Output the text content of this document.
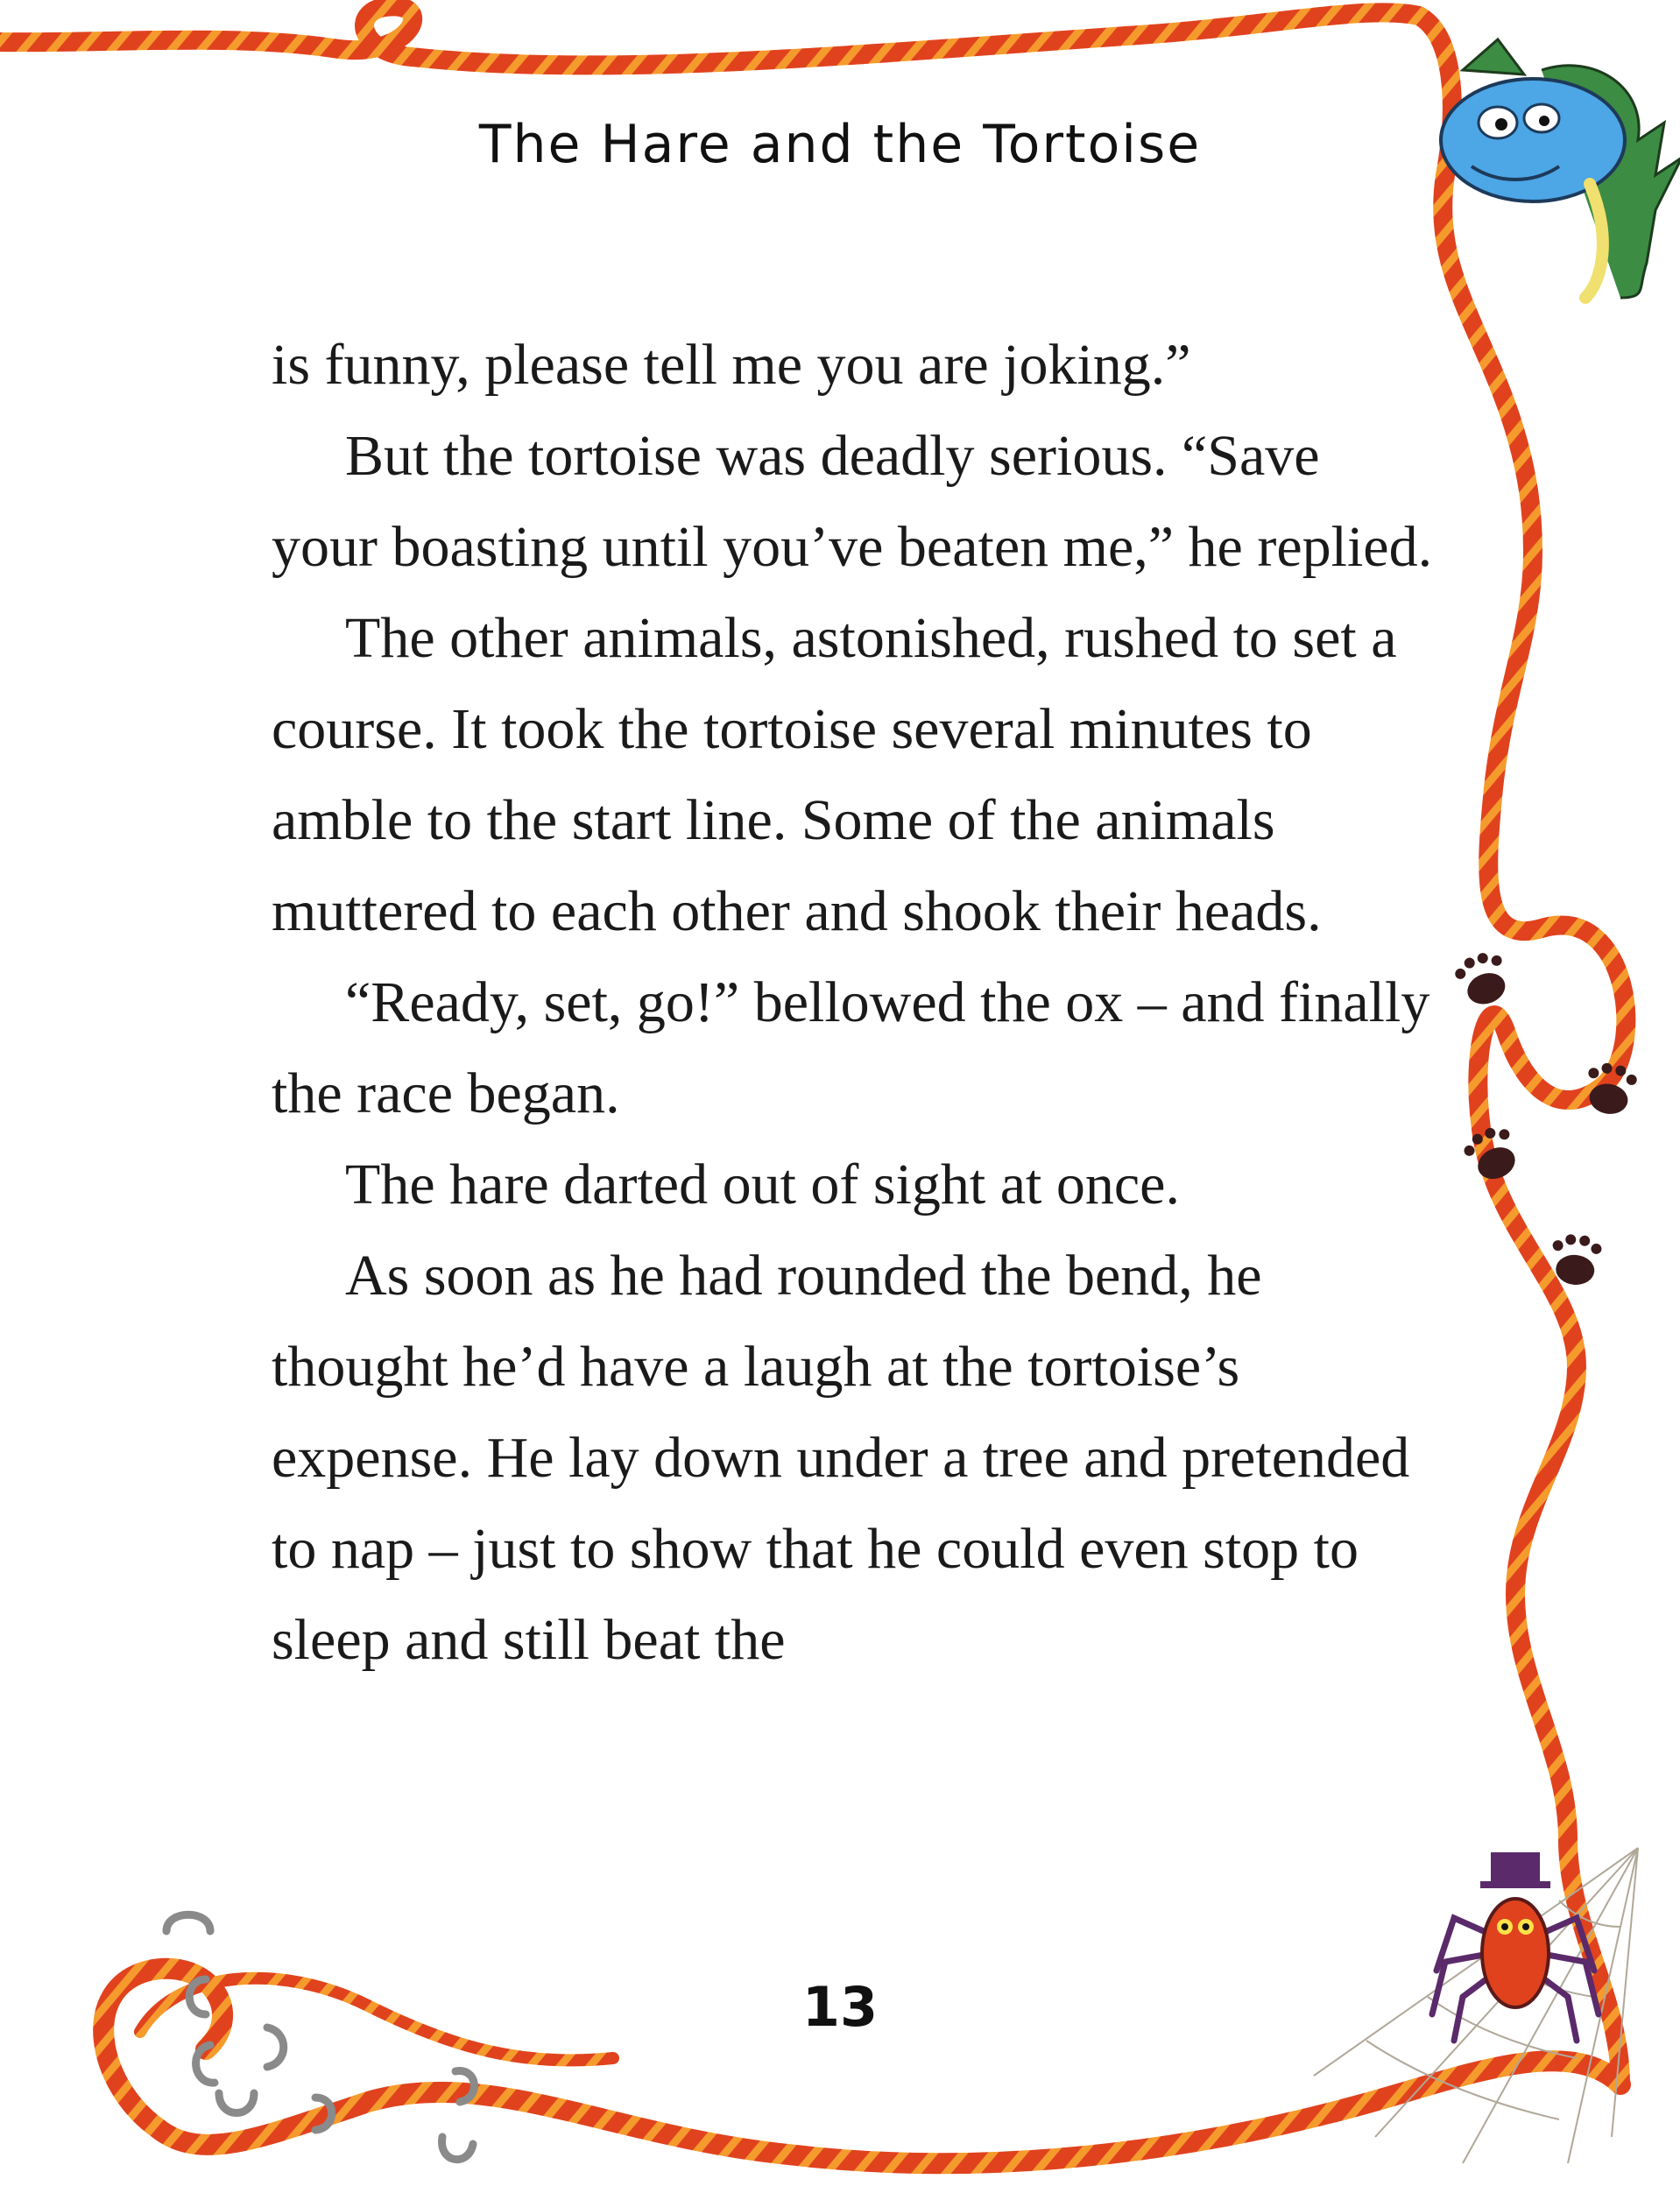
The Hare and the Tortoise

is funny, please tell me you are joking.”

But the tortoise was deadly serious. “Save your boasting until you’ve beaten me,” he replied.

The other animals, astonished, rushed to set a course. It took the tortoise several minutes to amble to the start line. Some of the animals muttered to each other and shook their heads.

“Ready, set, go!” bellowed the ox – and finally the race began.

The hare darted out of sight at once.

As soon as he had rounded the bend, he thought he’d have a laugh at the tortoise’s expense. He lay down under a tree and pretended to nap – just to show that he could even stop to sleep and still beat the

13
